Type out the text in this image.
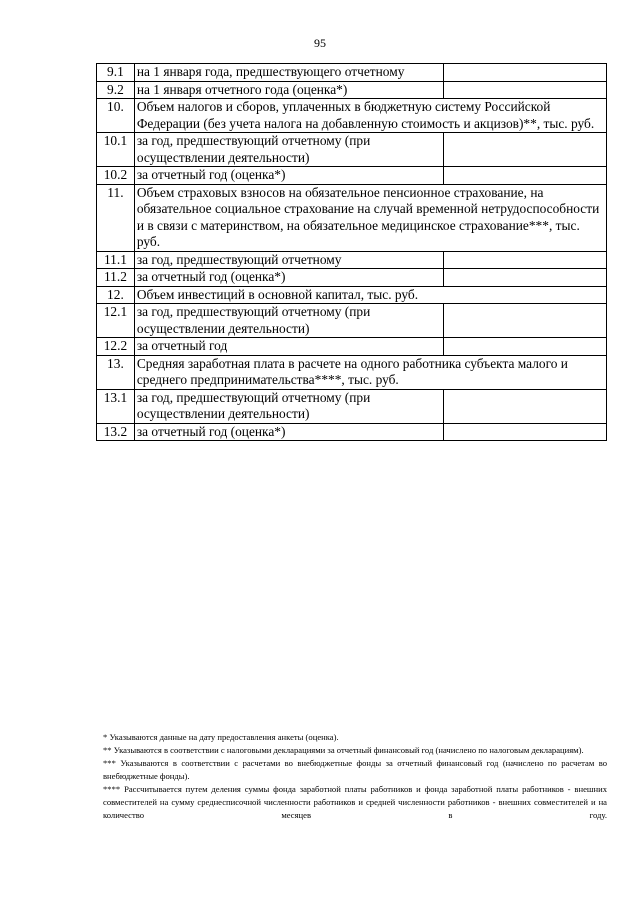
95
9.1	на 1 января года, предшествующего отчетному	
9.2	на 1 января отчетного года (оценка*)	
10.	Объем налогов и сборов, уплаченных в бюджетную систему Российской Федерации (без учета налога на добавленную стоимость и акцизов)**, тыс. руб.	
10.1	за год, предшествующий отчетному (при осуществлении деятельности)	
10.2	за отчетный год (оценка*)	
11.	Объем страховых взносов на обязательное пенсионное страхование, на обязательное социальное страхование на случай временной нетрудоспособности и в связи с материнством, на обязательное медицинское страхование***, тыс. руб.	
11.1	за год, предшествующий отчетному	
11.2	за отчетный год (оценка*)	
12.	Объем инвестиций в основной капитал, тыс. руб.	
12.1	за год, предшествующий отчетному (при осуществлении деятельности)	
12.2	за отчетный год	
13.	Средняя заработная плата в расчете на одного работника субъекта малого и среднего предпринимательства****, тыс. руб.	
13.1	за год, предшествующий отчетному (при осуществлении деятельности)	
13.2	за отчетный год (оценка*)	

* Указываются данные на дату предоставления анкеты (оценка).

** Указываются в соответствии с налоговыми декларациями за отчетный финансовый год (начислено по налоговым декларациям).

*** Указываются в соответствии с расчетами во внебюджетные фонды за отчетный финансовый год (начислено по расчетам во внебюджетные фонды).

**** Рассчитывается путем деления суммы фонда заработной платы работников и фонда заработной платы работников - внешних совместителей на сумму среднесписочной численности работников и средней численности работников - внешних совместителей и на количество месяцев в году.
